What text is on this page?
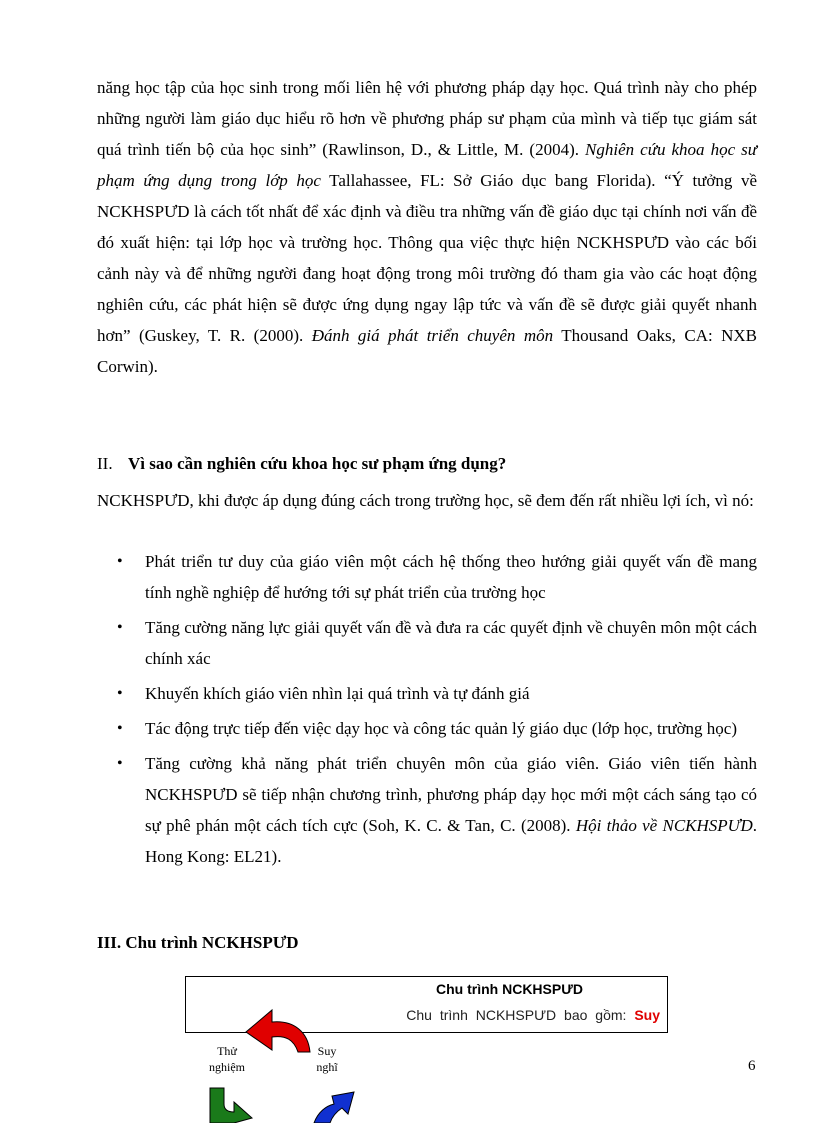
năng học tập của học sinh trong mối liên hệ với phương pháp dạy học. Quá trình này cho phép những người làm giáo dục hiểu rõ hơn về phương pháp sư phạm của mình và tiếp tục giám sát quá trình tiến bộ của học sinh” (Rawlinson, D., & Little, M. (2004). Nghiên cứu khoa học sư phạm ứng dụng trong lớp học Tallahassee, FL: Sở Giáo dục bang Florida). “Ý tưởng về NCKHSPƯD là cách tốt nhất để xác định và điều tra những vấn đề giáo dục tại chính nơi vấn đề đó xuất hiện: tại lớp học và trường học. Thông qua việc thực hiện NCKHSPƯD vào các bối cảnh này và để những người đang hoạt động trong môi trường đó tham gia vào các hoạt động nghiên cứu, các phát hiện sẽ được ứng dụng ngay lập tức và vấn đề sẽ được giải quyết nhanh hơn” (Guskey, T. R. (2000). Đánh giá phát triển chuyên môn Thousand Oaks, CA: NXB Corwin).

II. Vì sao cần nghiên cứu khoa học sư phạm ứng dụng?

NCKHSPƯD, khi được áp dụng đúng cách trong trường học, sẽ đem đến rất nhiều lợi ích, vì nó:

• Phát triển tư duy của giáo viên một cách hệ thống theo hướng giải quyết vấn đề mang tính nghề nghiệp để hướng tới sự phát triển của trường học
• Tăng cường năng lực giải quyết vấn đề và đưa ra các quyết định về chuyên môn một cách chính xác
• Khuyến khích giáo viên nhìn lại quá trình và tự đánh giá
• Tác động trực tiếp đến việc dạy học và công tác quản lý giáo dục (lớp học, trường học)
• Tăng cường khả năng phát triển chuyên môn của giáo viên. Giáo viên tiến hành NCKHSPƯD sẽ tiếp nhận chương trình, phương pháp dạy học mới một cách sáng tạo có sự phê phán một cách tích cực (Soh, K. C. & Tan, C. (2008). Hội thảo về NCKHSPƯD. Hong Kong: EL21).
III. Chu trình NCKHSPƯD
Chu trình NCKHSPƯD
Chu trình NCKHSPƯD bao gồm: Suy
Thử
nghiệm
Suy
nghĩ	6
